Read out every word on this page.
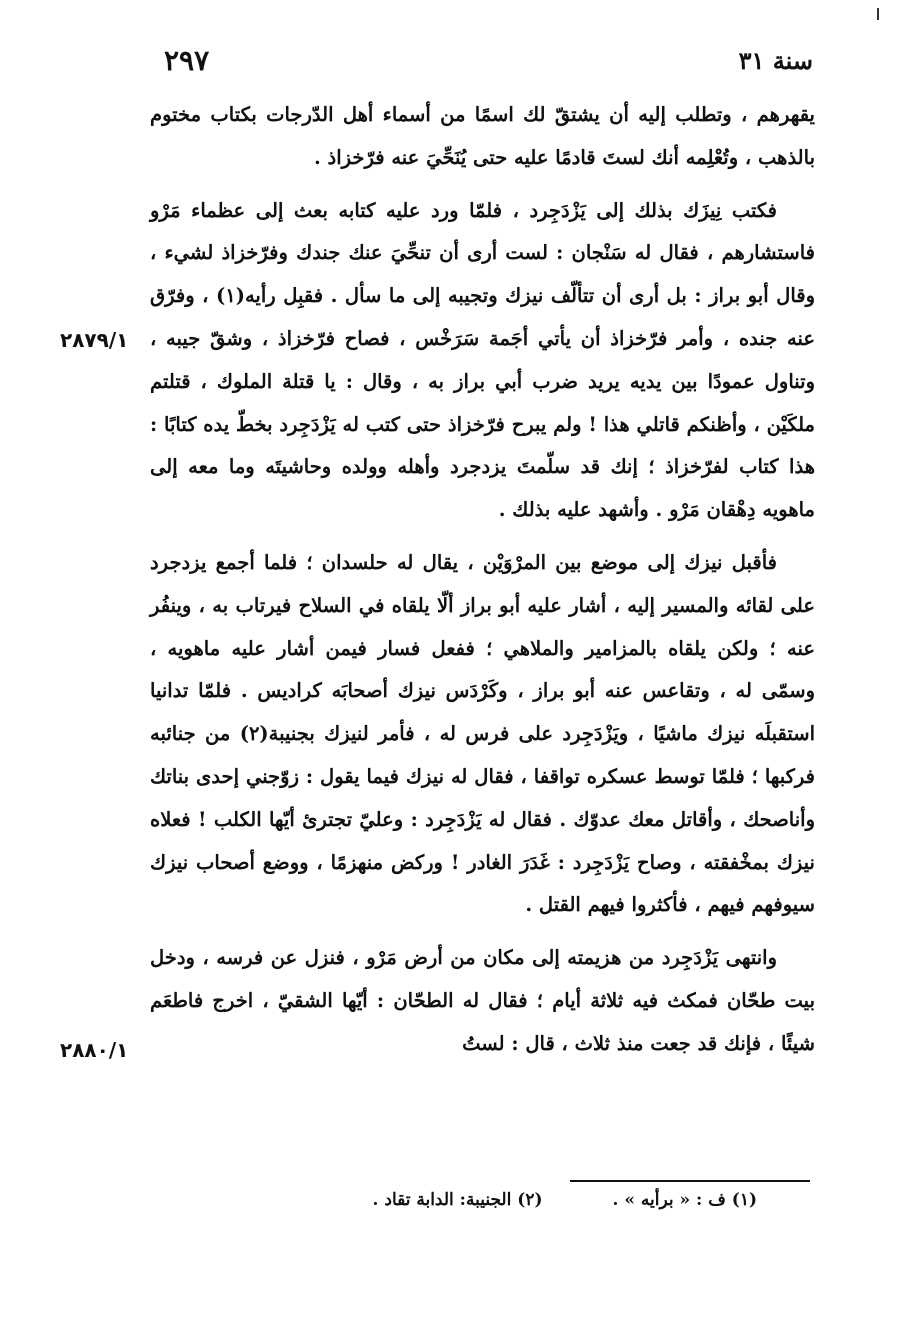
سنة ٣١
٢٩٧
٢٨٧٩/١
٢٨٨٠/١

يقهرهم ، وتطلب إليه أن يشتقّ لك اسمًا من أسماء أهل الدّرجات بكتاب مختوم بالذهب ، وتُعْلِمه أنك لستَ قادمًا عليه حتى يُنَحِّيَ عنه فرّخزاذ .

فكتب نِيزَك بذلك إلى يَزْدَجِرد ، فلمّا ورد عليه كتابه بعث إلى عظماء مَرْو فاستشارهم ، فقال له سَنْجان : لست أرى أن تنحِّيَ عنك جندك وفرّخزاذ لشيء ، وقال أبو براز : بل أرى أن تتألّف نيزك وتجيبه إلى ما سأل . فقبِل رأيه(١) ، وفرّق عنه جنده ، وأمر فرّخزاذ أن يأتي أجَمة سَرَخْس ، فصاح فرّخزاذ ، وشقّ جيبه ، وتناول عمودًا بين يديه يريد ضرب أبي براز به ، وقال : يا قتلة الملوك ، قتلتم ملكَيْن ، وأظنكم قاتلي هذا ! ولم يبرح فرّخزاذ حتى كتب له يَزْدَجِرد بخطّ يده كتابًا : هذا كتاب لفرّخزاذ ؛ إنك قد سلّمتَ يزدجرد وأهله وولده وحاشيتَه وما معه إلى ماهويه دِهْقان مَرْو . وأشهد عليه بذلك .

فأقبل نيزك إلى موضع بين المرْوَيْن ، يقال له حلسدان ؛ فلما أجمع يزدجرد على لقائه والمسير إليه ، أشار عليه أبو براز ألّا يلقاه في السلاح فيرتاب به ، وينفُر عنه ؛ ولكن يلقاه بالمزامير والملاهي ؛ ففعل فسار فيمن أشار عليه ماهويه ، وسمّى له ، وتقاعس عنه أبو براز ، وكَرْدَس نيزك أصحابَه كراديس . فلمّا تدانيا استقبلَه نيزك ماشيًا ، ويَزْدَجِرد على فرس له ، فأمر لنيزك بجنيبة(٢) من جنائبه فركبها ؛ فلمّا توسط عسكره تواقفا ، فقال له نيزك فيما يقول : زوّجني إحدى بناتك وأناصحك ، وأقاتل معك عدوّك . فقال له يَزْدَجِرد : وعليّ تجترئ أيّها الكلب ! فعلاه نيزك بمخْفقته ، وصاح يَزْدَجِرد : غَدَرَ الغادر ! وركض منهزمًا ، ووضع أصحاب نيزك سيوفهم فيهم ، فأكثروا فيهم القتل .

وانتهى يَزْدَجِرد من هزيمته إلى مكان من أرض مَرْو ، فنزل عن فرسه ، ودخل بيت طحّان فمكث فيه ثلاثة أيام ؛ فقال له الطحّان : أيّها الشقيّ ، اخرج فاطعَم شيئًا ، فإنك قد جعت منذ ثلاث ، قال : لستُ

(١) ف : « برأيه » .
(٢) الجنيبة: الدابة تقاد .
